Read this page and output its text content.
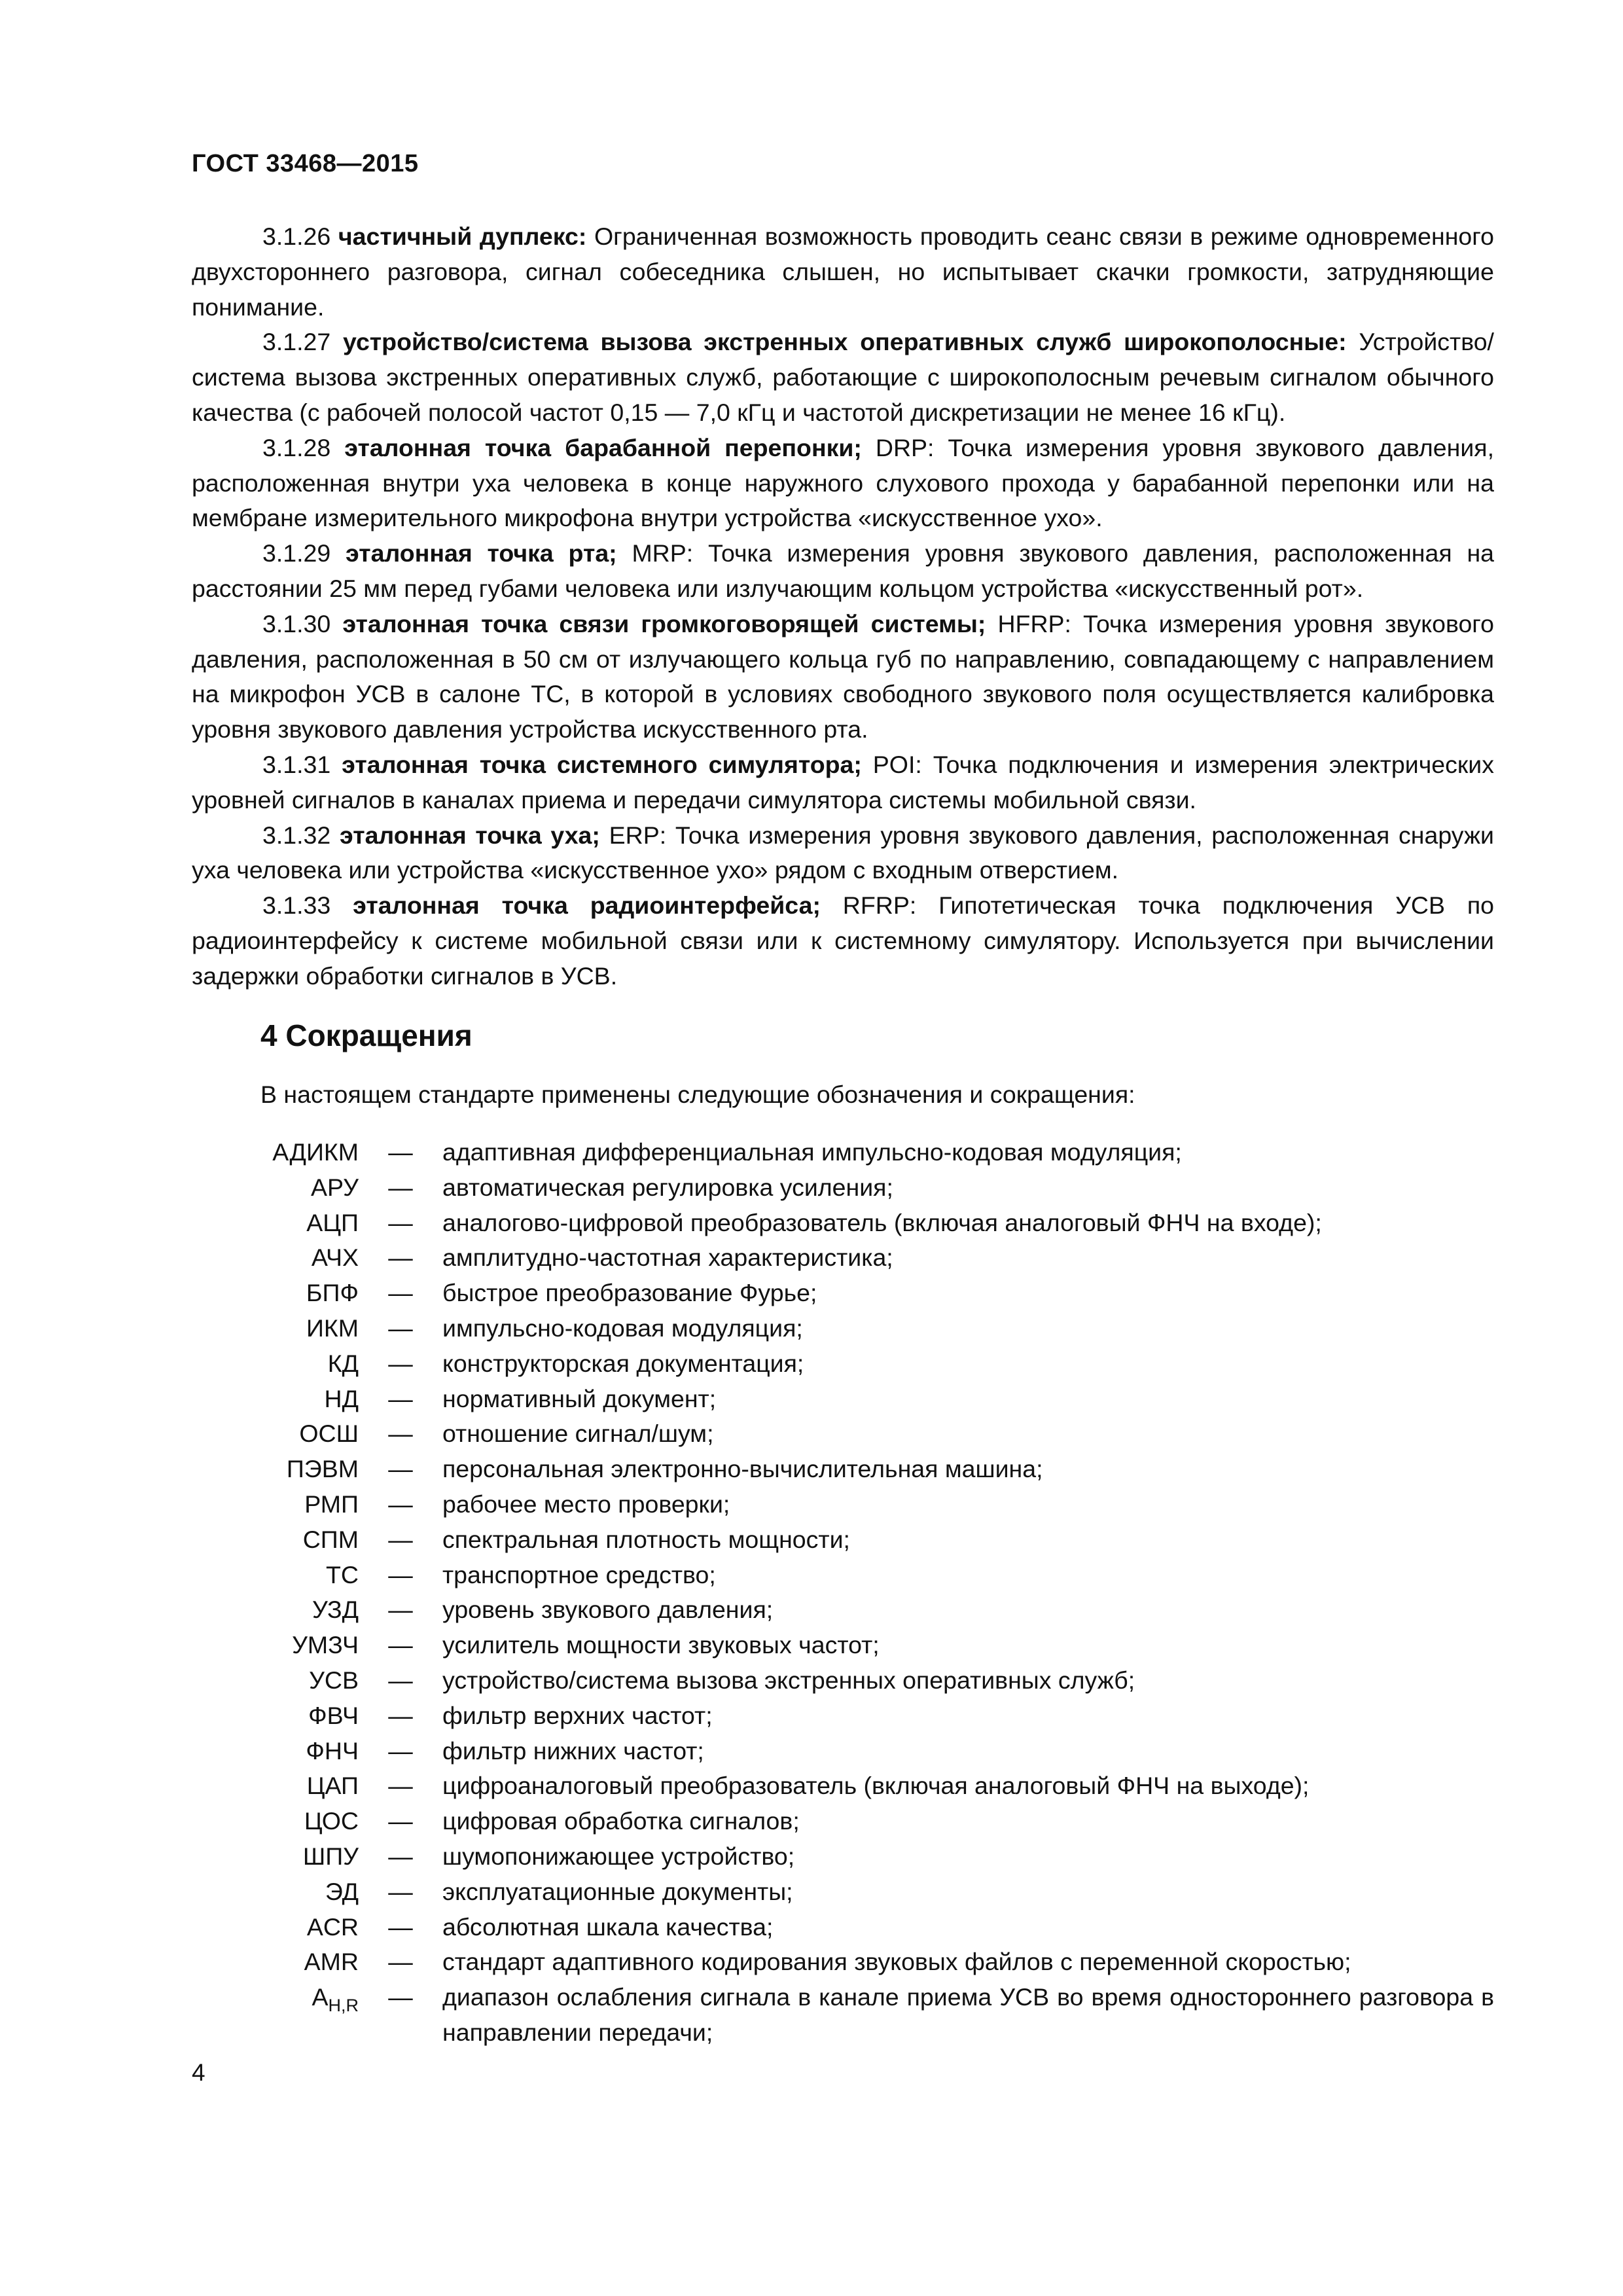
ГОСТ 33468—2015

3.1.26 частичный дуплекс: Ограниченная возможность проводить сеанс связи в режиме одновременного двухстороннего разговора, сигнал собеседника слышен, но испытывает скачки громкости, затрудняющие понимание.

3.1.27 устройство/система вызова экстренных оперативных служб широкополосные: Устройство/система вызова экстренных оперативных служб, работающие с широкополосным речевым сигналом обычного качества (с рабочей полосой частот 0,15 — 7,0 кГц и частотой дискретизации не менее 16 кГц).

3.1.28 эталонная точка барабанной перепонки; DRP: Точка измерения уровня звукового давления, расположенная внутри уха человека в конце наружного слухового прохода у барабанной перепонки или на мембране измерительного микрофона внутри устройства «искусственное ухо».

3.1.29 эталонная точка рта; MRP: Точка измерения уровня звукового давления, расположенная на расстоянии 25 мм перед губами человека или излучающим кольцом устройства «искусственный рот».

3.1.30 эталонная точка связи громкоговорящей системы; HFRP: Точка измерения уровня звукового давления, расположенная в 50 см от излучающего кольца губ по направлению, совпадающему с направлением на микрофон УСВ в салоне ТС, в которой в условиях свободного звукового поля осуществляется калибровка уровня звукового давления устройства искусственного рта.

3.1.31 эталонная точка системного симулятора; POI: Точка подключения и измерения электрических уровней сигналов в каналах приема и передачи симулятора системы мобильной связи.

3.1.32 эталонная точка уха; ERP: Точка измерения уровня звукового давления, расположенная снаружи уха человека или устройства «искусственное ухо» рядом с входным отверстием.

3.1.33 эталонная точка радиоинтерфейса; RFRP: Гипотетическая точка подключения УСВ по радиоинтерфейсу к системе мобильной связи или к системному симулятору. Используется при вычислении задержки обработки сигналов в УСВ.

4 Сокращения
В настоящем стандарте применены следующие обозначения и сокращения:
АДИКМ	—	адаптивная дифференциальная импульсно-кодовая модуляция;
АРУ	—	автоматическая регулировка усиления;
АЦП	—	аналогово-цифровой преобразователь (включая аналоговый ФНЧ на входе);
АЧХ	—	амплитудно-частотная характеристика;
БПФ	—	быстрое преобразование Фурье;
ИКМ	—	импульсно-кодовая модуляция;
КД	—	конструкторская документация;
НД	—	нормативный документ;
ОСШ	—	отношение сигнал/шум;
ПЭВМ	—	персональная электронно-вычислительная машина;
РМП	—	рабочее место проверки;
СПМ	—	спектральная плотность мощности;
ТС	—	транспортное средство;
УЗД	—	уровень звукового давления;
УМЗЧ	—	усилитель мощности звуковых частот;
УСВ	—	устройство/система вызова экстренных оперативных служб;
ФВЧ	—	фильтр верхних частот;
ФНЧ	—	фильтр нижних частот;
ЦАП	—	цифроаналоговый преобразователь (включая аналоговый ФНЧ на выходе);
ЦОС	—	цифровая обработка сигналов;
ШПУ	—	шумопонижающее устройство;
ЭД	—	эксплуатационные документы;
ACR	—	абсолютная шкала качества;
AMR	—	стандарт адаптивного кодирования звуковых файлов с переменной скоростью;
$A_{H,R}$	—	диапазон ослабления сигнала в канале приема УСВ во время одностороннего разговора в направлении передачи;
4
